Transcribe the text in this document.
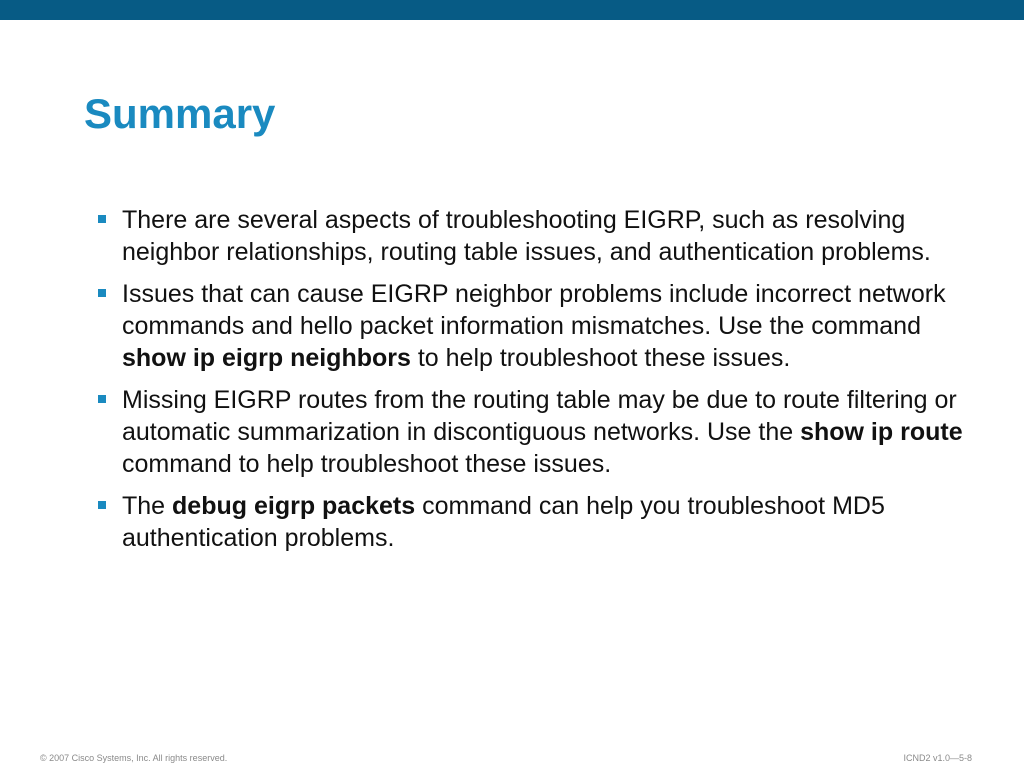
Summary
There are several aspects of troubleshooting EIGRP, such as resolving neighbor relationships, routing table issues, and authentication problems.
Issues that can cause EIGRP neighbor problems include incorrect network commands and hello packet information mismatches. Use the command show ip eigrp neighbors to help troubleshoot these issues.
Missing EIGRP routes from the routing table may be due to route filtering or automatic summarization in discontiguous networks. Use the show ip route command to help troubleshoot these issues.
The debug eigrp packets command can help you troubleshoot MD5 authentication problems.
© 2007 Cisco Systems, Inc. All rights reserved.	ICND2 v1.0—5-8
